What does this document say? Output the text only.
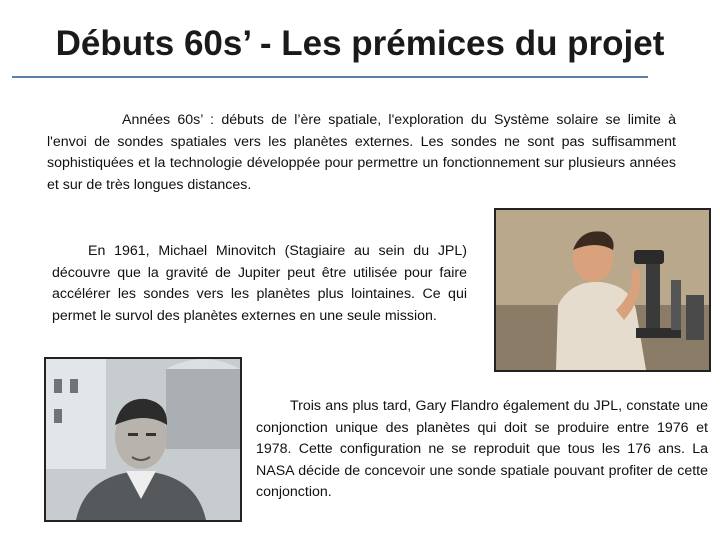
Débuts 60s’ - Les prémices du projet

Années 60s’ : débuts de l’ère spatiale, l'exploration du Système solaire se limite à l'envoi de sondes spatiales vers les planètes externes. Les sondes ne sont pas suffisamment sophistiquées et la technologie développée pour permettre un fonctionnement sur plusieurs années et sur de très longues distances.

En 1961, Michael Minovitch (Stagiaire au sein du JPL) découvre que la gravité de Jupiter peut être utilisée pour faire accélérer les sondes vers les planètes plus lointaines. Ce qui permet le survol des planètes externes en une seule mission.

Trois ans plus tard, Gary Flandro également du JPL, constate une conjonction unique des planètes qui doit se produire entre 1976 et 1978. Cette configuration ne se reproduit que tous les 176 ans. La NASA décide de concevoir une sonde spatiale pouvant profiter de cette conjonction.
